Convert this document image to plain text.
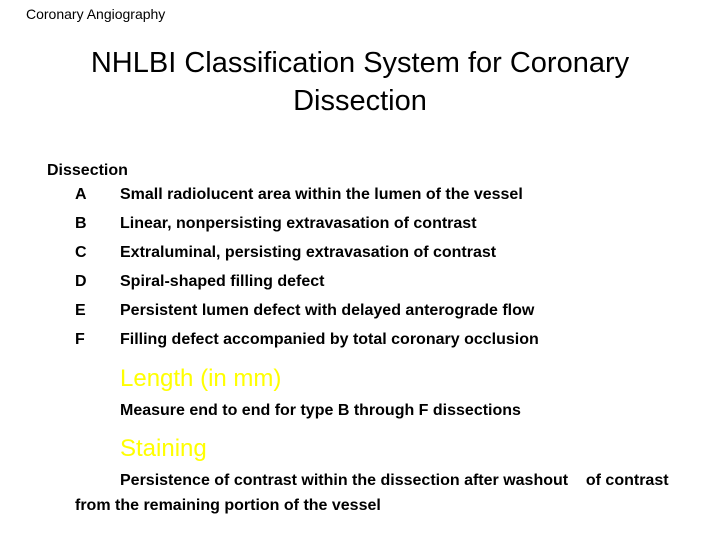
Coronary Angiography
NHLBI Classification System for Coronary Dissection
Dissection
A Small radiolucent area within the lumen of the vessel
B Linear, nonpersisting extravasation of contrast
C Extraluminal, persisting extravasation of contrast
D Spiral-shaped filling defect
E Persistent lumen defect with delayed anterograde flow
F Filling defect accompanied by total coronary occlusion
Length (in mm)
Measure end to end for type B through F dissections
Staining
Persistence of contrast within the dissection after washout    of contrast from the remaining portion of the vessel
